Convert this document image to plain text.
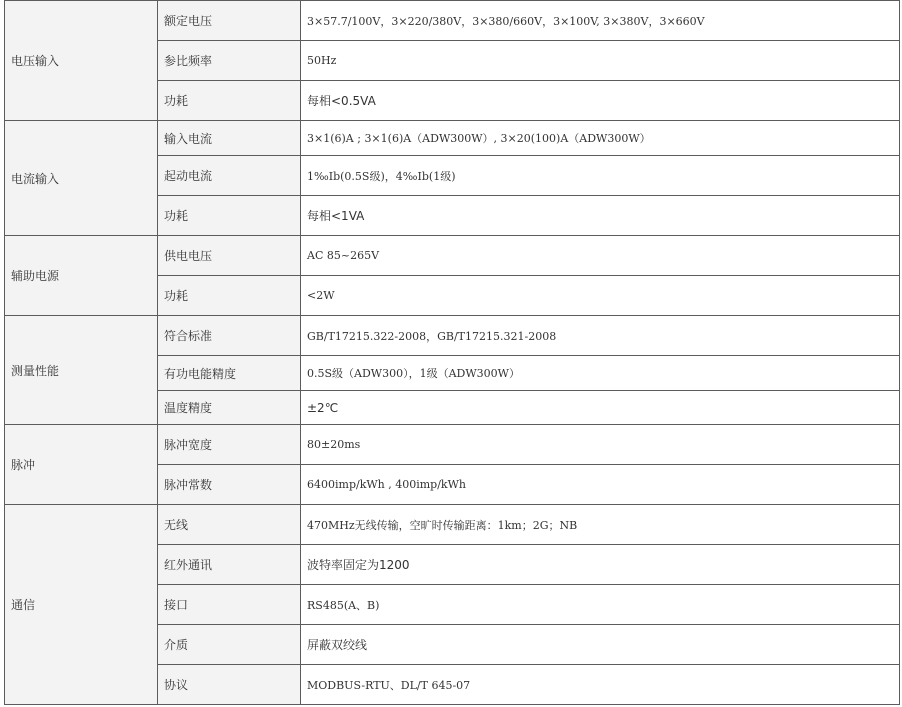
电压输入	额定电压	3×57.7/100V，3×220/380V，3×380/660V，3×100V, 3×380V，3×660V
	参比频率	50Hz
	功耗	每相<0.5VA
电流输入	输入电流	3×1(6)A ; 3×1(6)A（ADW300W）, 3×20(100)A（ADW300W）
	起动电流	1‰Ib(0.5S级)，4‰Ib(1级)
	功耗	每相<1VA
辅助电源	供电电压	AC 85~265V
	功耗	<2W
测量性能	符合标准	GB/T17215.322-2008，GB/T17215.321-2008
	有功电能精度	0.5S级（ADW300），1级（ADW300W）
	温度精度	±2℃
脉冲	脉冲宽度	80±20ms
	脉冲常数	6400imp/kWh , 400imp/kWh
通信	无线	470MHz无线传输，空旷时传输距离：1km；2G；NB
	红外通讯	波特率固定为1200
	接口	RS485(A、B)
	介质	屏蔽双绞线
	协议	MODBUS-RTU、DL/T 645-07
